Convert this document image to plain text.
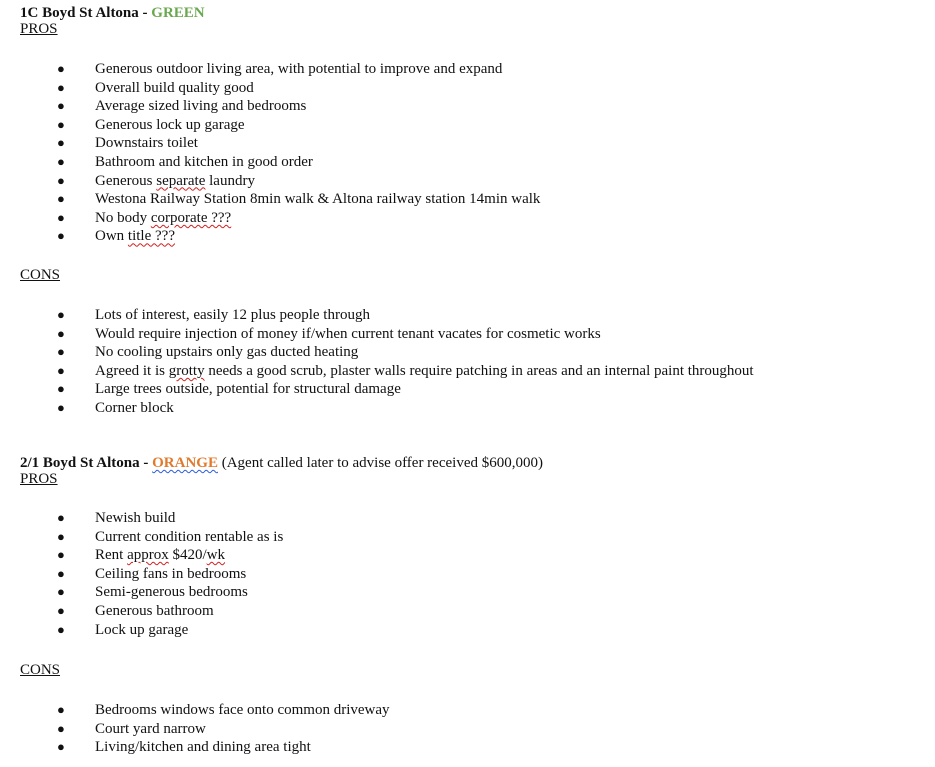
1C Boyd St Altona - GREEN
PROS
● Generous outdoor living area, with potential to improve and expand
● Overall build quality good
● Average sized living and bedrooms
● Generous lock up garage
● Downstairs toilet
● Bathroom and kitchen in good order
● Generous separate laundry
● Westona Railway Station 8min walk & Altona railway station 14min walk
● No body corporate ???
● Own title ???
CONS
● Lots of interest, easily 12 plus people through
● Would require injection of money if/when current tenant vacates for cosmetic works
● No cooling upstairs only gas ducted heating
● Agreed it is grotty needs a good scrub, plaster walls require patching in areas and an internal paint throughout
● Large trees outside, potential for structural damage
● Corner block
2/1 Boyd St Altona - ORANGE (Agent called later to advise offer received $600,000)
PROS
● Newish build
● Current condition rentable as is
● Rent approx $420/wk
● Ceiling fans in bedrooms
● Semi-generous bedrooms
● Generous bathroom
● Lock up garage
CONS
● Bedrooms windows face onto common driveway
● Court yard narrow
● Living/kitchen and dining area tight
